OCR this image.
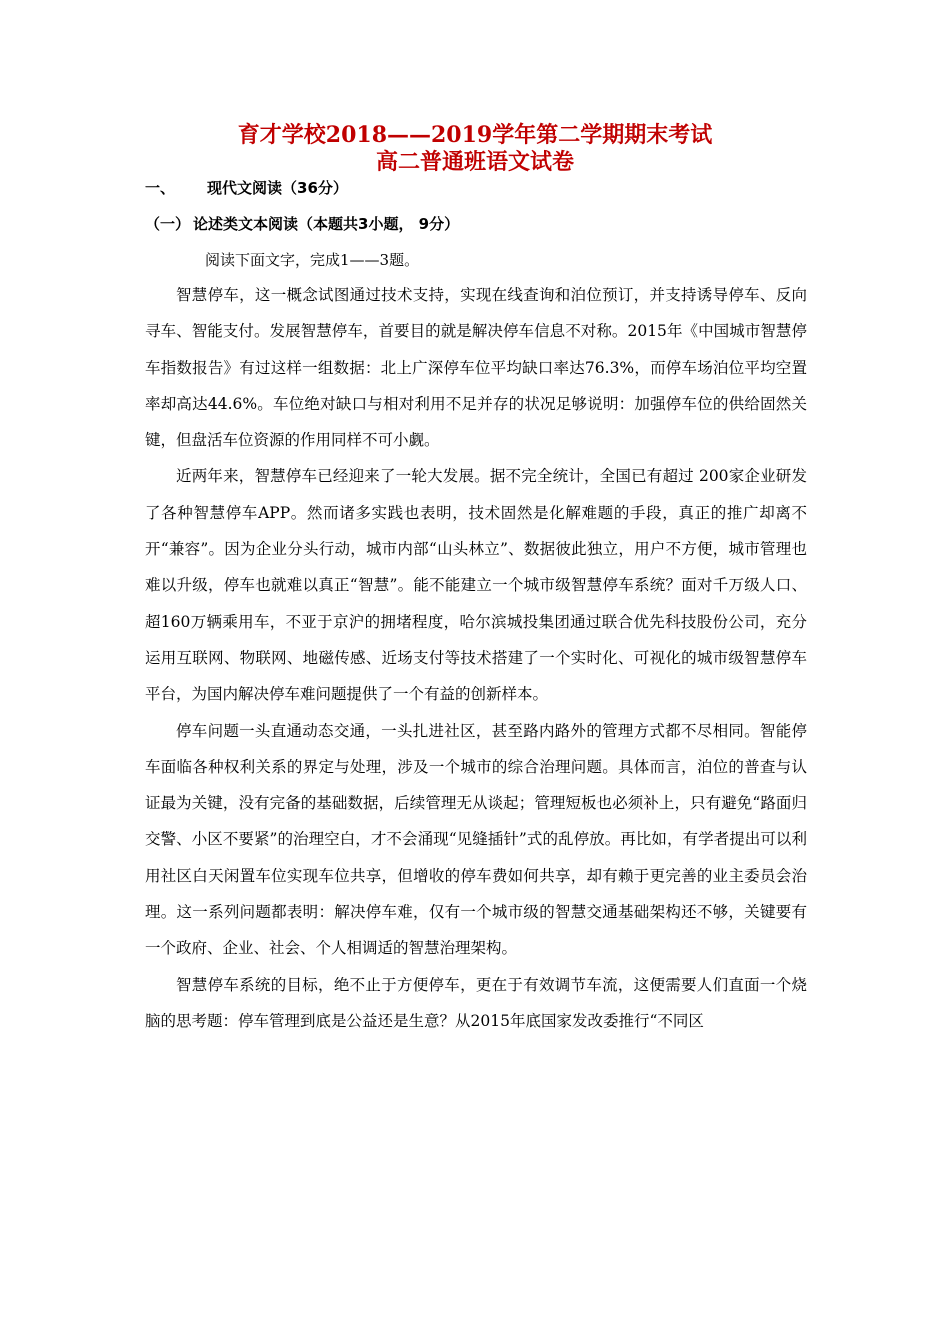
育才学校2018——2019学年第二学期期末考试
高二普通班语文试卷
一、 现代文阅读（36分）
（一） 论述类文本阅读（本题共3小题， 9分）
阅读下面文字，完成1——3题。

智慧停车，这一概念试图通过技术支持，实现在线查询和泊位预订，并支持诱导停车、反向寻车、智能支付。发展智慧停车，首要目的就是解决停车信息不对称。2015年《中国城市智慧停车指数报告》有过这样一组数据：北上广深停车位平均缺口率达76.3%，而停车场泊位平均空置率却高达44.6%。车位绝对缺口与相对利用不足并存的状况足够说明：加强停车位的供给固然关键，但盘活车位资源的作用同样不可小觑。

近两年来，智慧停车已经迎来了一轮大发展。据不完全统计，全国已有超过 200家企业研发了各种智慧停车APP。然而诸多实践也表明，技术固然是化解难题的手段，真正的推广却离不开“兼容”。因为企业分头行动，城市内部“山头林立”、数据彼此独立，用户不方便，城市管理也难以升级，停车也就难以真正“智慧”。能不能建立一个城市级智慧停车系统？面对千万级人口、超160万辆乘用车，不亚于京沪的拥堵程度，哈尔滨城投集团通过联合优先科技股份公司，充分运用互联网、物联网、地磁传感、近场支付等技术搭建了一个实时化、可视化的城市级智慧停车平台，为国内解决停车难问题提供了一个有益的创新样本。

停车问题一头直通动态交通，一头扎进社区，甚至路内路外的管理方式都不尽相同。智能停车面临各种权利关系的界定与处理，涉及一个城市的综合治理问题。具体而言，泊位的普查与认证最为关键，没有完备的基础数据，后续管理无从谈起；管理短板也必须补上，只有避免“路面归交警、小区不要紧”的治理空白，才不会涌现“见缝插针”式的乱停放。再比如，有学者提出可以利用社区白天闲置车位实现车位共享，但增收的停车费如何共享，却有赖于更完善的业主委员会治理。这一系列问题都表明：解决停车难，仅有一个城市级的智慧交通基础架构还不够，关键要有一个政府、企业、社会、个人相调适的智慧治理架构。

智慧停车系统的目标，绝不止于方便停车，更在于有效调节车流，这便需要人们直面一个烧脑的思考题：停车管理到底是公益还是生意？从2015年底国家发改委推行“不同区
